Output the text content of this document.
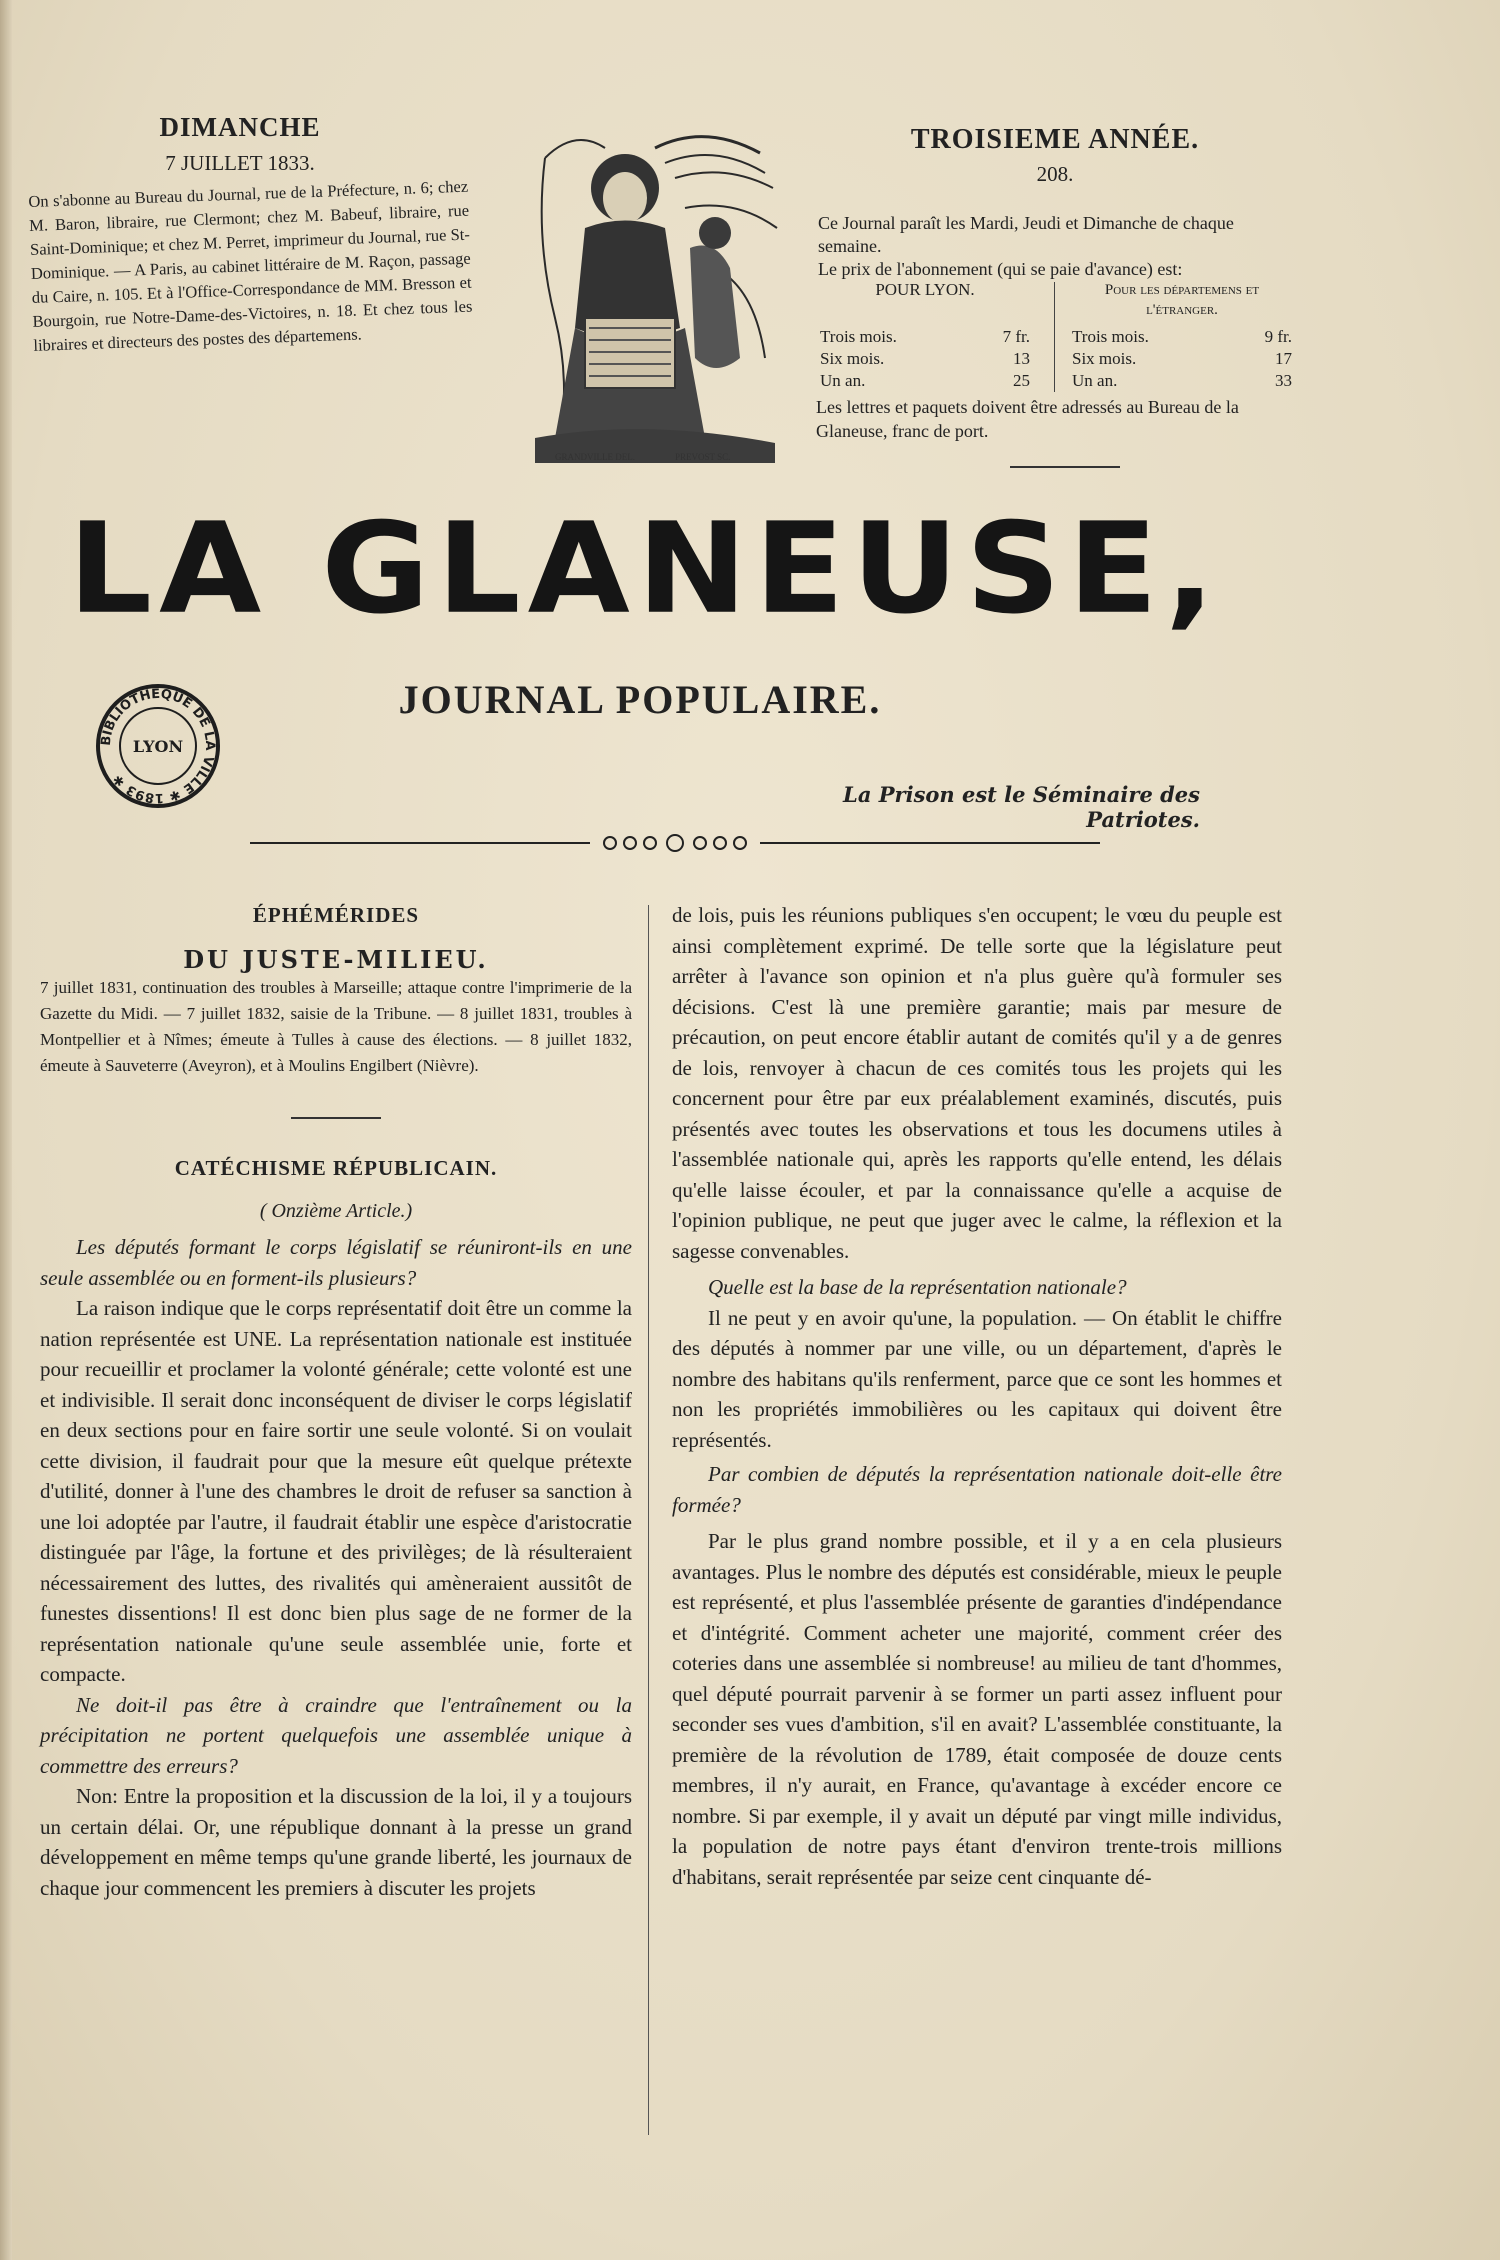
DIMANCHE
7 JUILLET 1833.
On s'abonne au Bureau du Journal, rue de la Préfecture, n. 6; chez M. Baron, libraire, rue Clermont; chez M. Babeuf, libraire, rue Saint-Dominique; et chez M. Perret, imprimeur du Journal, rue St-Dominique. — A Paris, au cabinet littéraire de M. Raçon, passage du Caire, n. 105. Et à l'Office-Correspondance de MM. Bresson et Bourgoin, rue Notre-Dame-des-Victoires, n. 18. Et chez tous les libraires et directeurs des postes des départemens.
GRANDVILLE DEL.	PREVOST SC.
TROISIEME ANNÉE.
208.
Ce Journal paraît les Mardi, Jeudi et Dimanche de chaque semaine.
Le prix de l'abonnement (qui se paie d'avance) est:
POUR LYON.
Trois mois.	7 fr.
Six mois.	13
Un an.	25
Pour les départemens et l'étranger.
Trois mois.	9 fr.
Six mois.	17
Un an.	33
Les lettres et paquets doivent être adressés au Bureau de la Glaneuse, franc de port.
LA GLANEUSE,
JOURNAL POPULAIRE.
BIBLIOTHÈQUE DE LA VILLE ✱ 1893 ✱
LYON
La Prison est le Séminaire des Patriotes.
ÉPHÉMÉRIDES
DU JUSTE-MILIEU.

7 juillet 1831, continuation des troubles à Marseille; attaque contre l'imprimerie de la Gazette du Midi. — 7 juillet 1832, saisie de la Tribune. — 8 juillet 1831, troubles à Montpellier et à Nîmes; émeute à Tulles à cause des élections. — 8 juillet 1832, émeute à Sauveterre (Aveyron), et à Moulins Engilbert (Nièvre).

CATÉCHISME RÉPUBLICAIN.
( Onzième Article.)

Les députés formant le corps législatif se réuniront-ils en une seule assemblée ou en forment-ils plusieurs?

La raison indique que le corps représentatif doit être un comme la nation représentée est UNE. La représentation nationale est instituée pour recueillir et proclamer la volonté générale; cette volonté est une et indivisible. Il serait donc inconséquent de diviser le corps législatif en deux sections pour en faire sortir une seule volonté. Si on voulait cette division, il faudrait pour que la mesure eût quelque prétexte d'utilité, donner à l'une des chambres le droit de refuser sa sanction à une loi adoptée par l'autre, il faudrait établir une espèce d'aristocratie distinguée par l'âge, la fortune et des privilèges; de là résulteraient nécessairement des luttes, des rivalités qui amèneraient aussitôt de funestes dissentions! Il est donc bien plus sage de ne former de la représentation nationale qu'une seule assemblée unie, forte et compacte.

Ne doit-il pas être à craindre que l'entraînement ou la précipitation ne portent quelquefois une assemblée unique à commettre des erreurs?

Non: Entre la proposition et la discussion de la loi, il y a toujours un certain délai. Or, une république donnant à la presse un grand développement en même temps qu'une grande liberté, les journaux de chaque jour commencent les premiers à discuter les projets

de lois, puis les réunions publiques s'en occupent; le vœu du peuple est ainsi complètement exprimé. De telle sorte que la législature peut arrêter à l'avance son opinion et n'a plus guère qu'à formuler ses décisions. C'est là une première garantie; mais par mesure de précaution, on peut encore établir autant de comités qu'il y a de genres de lois, renvoyer à chacun de ces comités tous les projets qui les concernent pour être par eux préalablement examinés, discutés, puis présentés avec toutes les observations et tous les documens utiles à l'assemblée nationale qui, après les rapports qu'elle entend, les délais qu'elle laisse écouler, et par la connaissance qu'elle a acquise de l'opinion publique, ne peut que juger avec le calme, la réflexion et la sagesse convenables.

Quelle est la base de la représentation nationale?

Il ne peut y en avoir qu'une, la population. — On établit le chiffre des députés à nommer par une ville, ou un département, d'après le nombre des habitans qu'ils renferment, parce que ce sont les hommes et non les propriétés immobilières ou les capitaux qui doivent être représentés.

Par combien de députés la représentation nationale doit-elle être formée?

Par le plus grand nombre possible, et il y a en cela plusieurs avantages. Plus le nombre des députés est considérable, mieux le peuple est représenté, et plus l'assemblée présente de garanties d'indépendance et d'intégrité. Comment acheter une majorité, comment créer des coteries dans une assemblée si nombreuse! au milieu de tant d'hommes, quel député pourrait parvenir à se former un parti assez influent pour seconder ses vues d'ambition, s'il en avait? L'assemblée constituante, la première de la révolution de 1789, était composée de douze cents membres, il n'y aurait, en France, qu'avantage à excéder encore ce nombre. Si par exemple, il y avait un député par vingt mille individus, la population de notre pays étant d'environ trente-trois millions d'habitans, serait représentée par seize cent cinquante dé-
